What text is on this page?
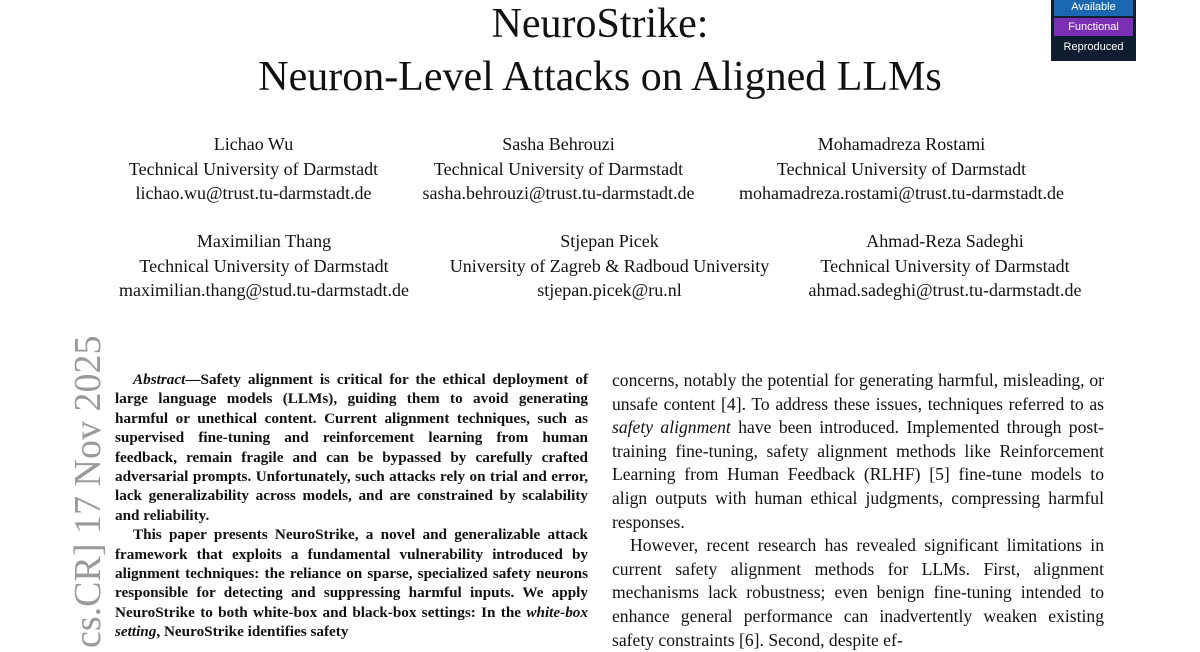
NeuroStrike:
Neuron-Level Attacks on Aligned LLMs
Available
Functional
Reproduced
Lichao Wu
Technical University of Darmstadt
lichao.wu@trust.tu-darmstadt.de
Sasha Behrouzi
Technical University of Darmstadt
sasha.behrouzi@trust.tu-darmstadt.de
Mohamadreza Rostami
Technical University of Darmstadt
mohamadreza.rostami@trust.tu-darmstadt.de
Maximilian Thang
Technical University of Darmstadt
maximilian.thang@stud.tu-darmstadt.de
Stjepan Picek
University of Zagreb & Radboud University
stjepan.picek@ru.nl
Ahmad-Reza Sadeghi
Technical University of Darmstadt
ahmad.sadeghi@trust.tu-darmstadt.de
cs.CR] 17 Nov 2025	Abstract—Safety alignment is critical for the ethical deployment of large language models (LLMs), guiding them to avoid generating harmful or unethical content. Current alignment techniques, such as supervised fine-tuning and reinforcement learning from human feedback, remain fragile and can be bypassed by carefully crafted adversarial prompts. Unfortunately, such attacks rely on trial and error, lack generalizability across models, and are constrained by scalability and reliability.

This paper presents NeuroStrike, a novel and generalizable attack framework that exploits a fundamental vulnerability introduced by alignment techniques: the reliance on sparse, specialized safety neurons responsible for detecting and suppressing harmful inputs. We apply NeuroStrike to both white-box and black-box settings: In the white-box setting, NeuroStrike identifies safety

concerns, notably the potential for generating harmful, misleading, or unsafe content [4]. To address these issues, techniques referred to as safety alignment have been introduced. Implemented through post-training fine-tuning, safety alignment methods like Reinforcement Learning from Human Feedback (RLHF) [5] fine-tune models to align outputs with human ethical judgments, compressing harmful responses.

However, recent research has revealed significant limitations in current safety alignment methods for LLMs. First, alignment mechanisms lack robustness; even benign fine-tuning intended to enhance general performance can inadvertently weaken existing safety constraints [6]. Second, despite ef-
